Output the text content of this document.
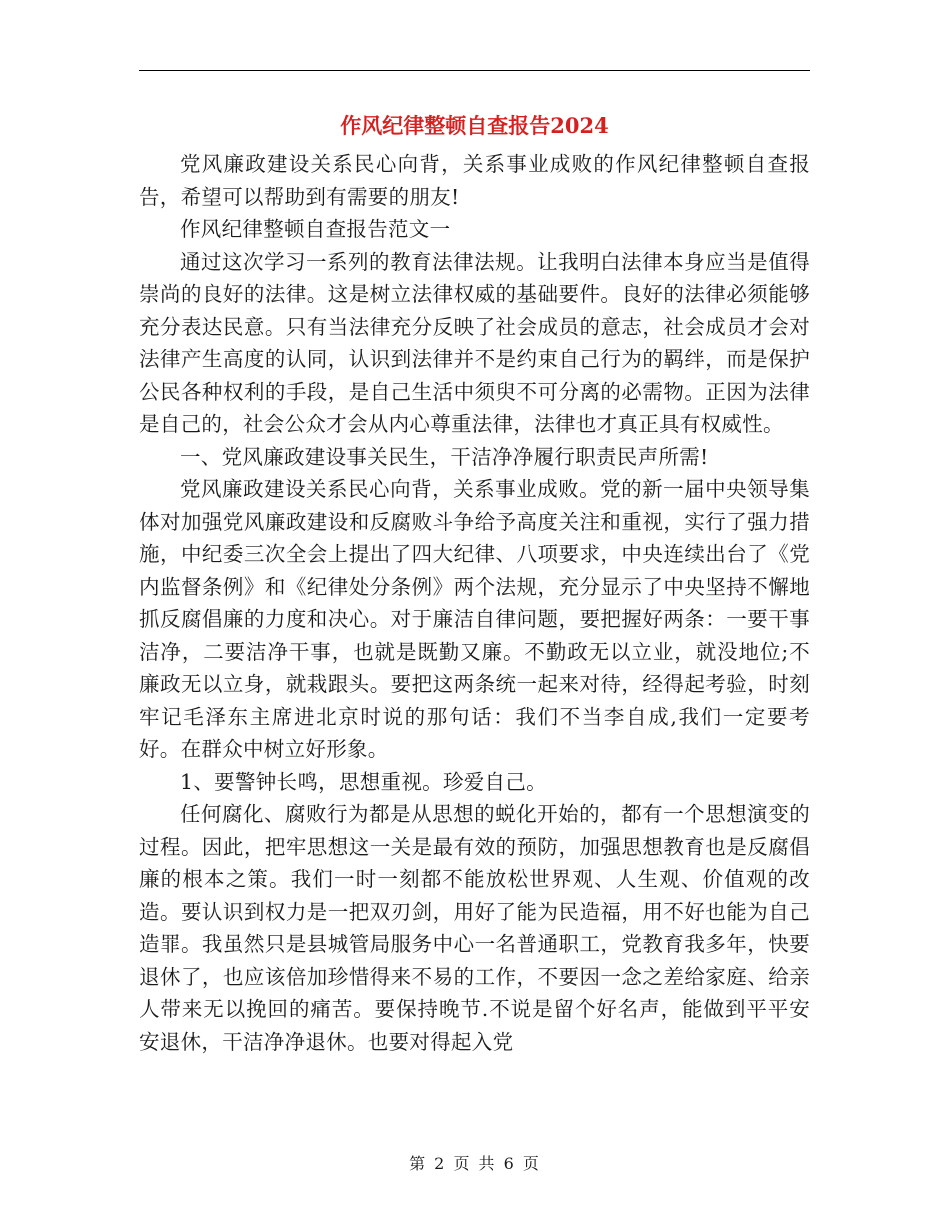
作风纪律整顿自查报告2024

党风廉政建设关系民心向背，关系事业成败的作风纪律整顿自查报告，希望可以帮助到有需要的朋友!

作风纪律整顿自查报告范文一

通过这次学习一系列的教育法律法规。让我明白法律本身应当是值得崇尚的良好的法律。这是树立法律权威的基础要件。良好的法律必须能够充分表达民意。只有当法律充分反映了社会成员的意志，社会成员才会对法律产生高度的认同，认识到法律并不是约束自己行为的羁绊，而是保护公民各种权利的手段，是自己生活中须臾不可分离的必需物。正因为法律是自己的，社会公众才会从内心尊重法律，法律也才真正具有权威性。

一、党风廉政建设事关民生，干洁净净履行职责民声所需!

党风廉政建设关系民心向背，关系事业成败。党的新一届中央领导集体对加强党风廉政建设和反腐败斗争给予高度关注和重视，实行了强力措施，中纪委三次全会上提出了四大纪律、八项要求，中央连续出台了《党内监督条例》和《纪律处分条例》两个法规，充分显示了中央坚持不懈地抓反腐倡廉的力度和决心。对于廉洁自律问题，要把握好两条：一要干事洁净，二要洁净干事，也就是既勤又廉。不勤政无以立业，就没地位;不廉政无以立身，就栽跟头。要把这两条统一起来对待，经得起考验，时刻牢记毛泽东主席进北京时说的那句话：我们不当李自成,我们一定要考好。在群众中树立好形象。

1、要警钟长鸣，思想重视。珍爱自己。

任何腐化、腐败行为都是从思想的蜕化开始的，都有一个思想演变的过程。因此，把牢思想这一关是最有效的预防，加强思想教育也是反腐倡廉的根本之策。我们一时一刻都不能放松世界观、人生观、价值观的改造。要认识到权力是一把双刃剑，用好了能为民造福，用不好也能为自己造罪。我虽然只是县城管局服务中心一名普通职工，党教育我多年，快要退休了，也应该倍加珍惜得来不易的工作，不要因一念之差给家庭、给亲人带来无以挽回的痛苦。要保持晚节.不说是留个好名声，能做到平平安安退休，干洁净净退休。也要对得起入党

第 2 页 共 6 页
